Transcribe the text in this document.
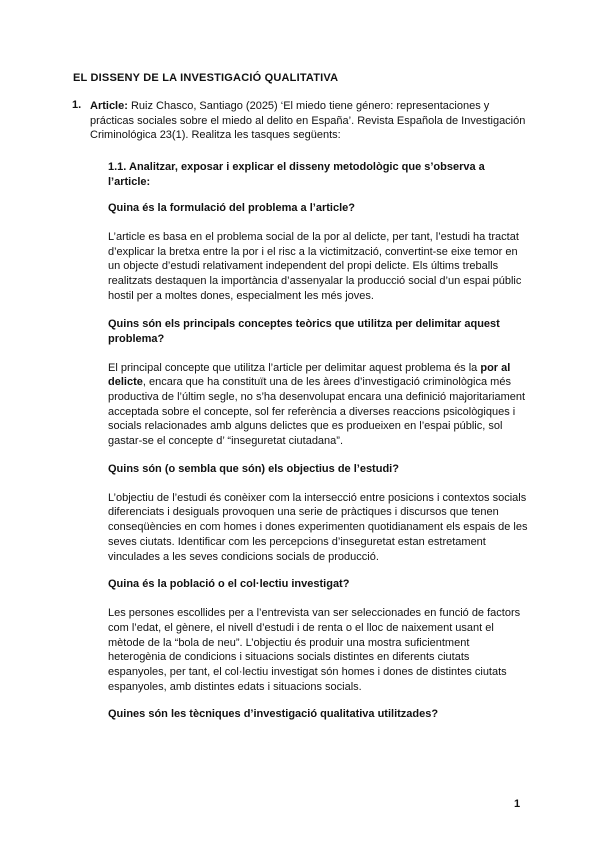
EL DISSENY DE LA INVESTIGACIÓ QUALITATIVA
1. Article: Ruiz Chasco, Santiago (2025) ‘El miedo tiene género: representaciones y prácticas sociales sobre el miedo al delito en España’. Revista Española de Investigación Criminológica 23(1). Realitza les tasques següents:

1.1. Analitzar, exposar i explicar el disseny metodològic que s’observa a l’article:

Quina és la formulació del problema a l’article?

L’article es basa en el problema social de la por al delicte, per tant, l’estudi ha tractat d’explicar la bretxa entre la por i el risc a la victimització, convertint-se eixe temor en un objecte d’estudi relativament independent del propi delicte. Els últims treballs realitzats destaquen la importància d’assenyalar la producció social d’un espai públic hostil per a moltes dones, especialment les més joves.

Quins són els principals conceptes teòrics que utilitza per delimitar aquest problema?

El principal concepte que utilitza l’article per delimitar aquest problema és la por al delicte, encara que ha constituït una de les àrees d’investigació criminològica més productiva de l’últim segle, no s’ha desenvolupat encara una definició majoritariament acceptada sobre el concepte, sol fer referència a diverses reaccions psicològiques i socials relacionades amb alguns delictes que es produeixen en l’espai públic, sol gastar-se el concepte d’ “inseguretat ciutadana”.

Quins són (o sembla que són) els objectius de l’estudi?

L’objectiu de l’estudi és conèixer com la intersecció entre posicions i contextos socials diferenciats i desiguals provoquen una serie de pràctiques i discursos que tenen conseqüències en com homes i dones experimenten quotidianament els espais de les seves ciutats. Identificar com les percepcions d’inseguretat estan estretament vinculades a les seves condicions socials de producció.

Quina és la població o el col·lectiu investigat?

Les persones escollides per a l’entrevista van ser seleccionades en funció de factors com l’edat, el gènere, el nivell d’estudi i de renta o el lloc de naixement usant el mètode de la “bola de neu”. L’objectiu és produir una mostra suficientment heterogènia de condicions i situacions socials distintes en diferents ciutats espanyoles, per tant, el col·lectiu investigat són homes i dones de distintes ciutats espanyoles, amb distintes edats i situacions socials.

Quines són les tècniques d’investigació qualitativa utilitzades?

1
